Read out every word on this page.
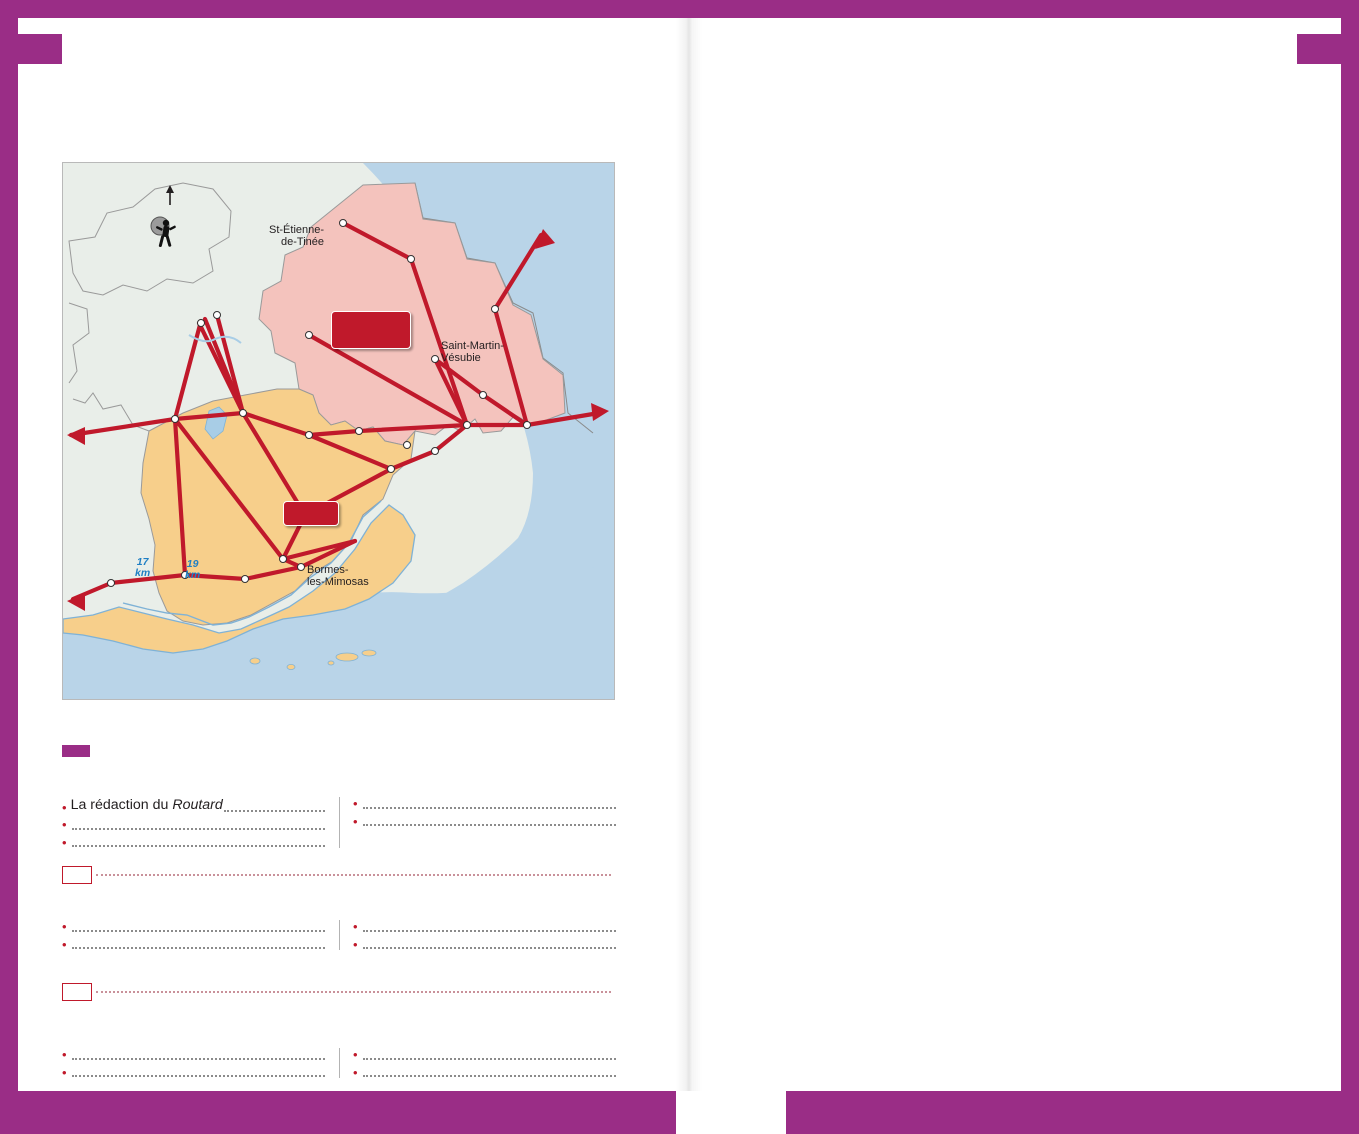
St-Étienne-
de-Tinée
Saint-Martin-
Vésubie
Bormes-
les-Mimosas

17
km
19
km

• La rédaction du Routard
•
•
•
•
•
•
•
•
•
•
•
•
